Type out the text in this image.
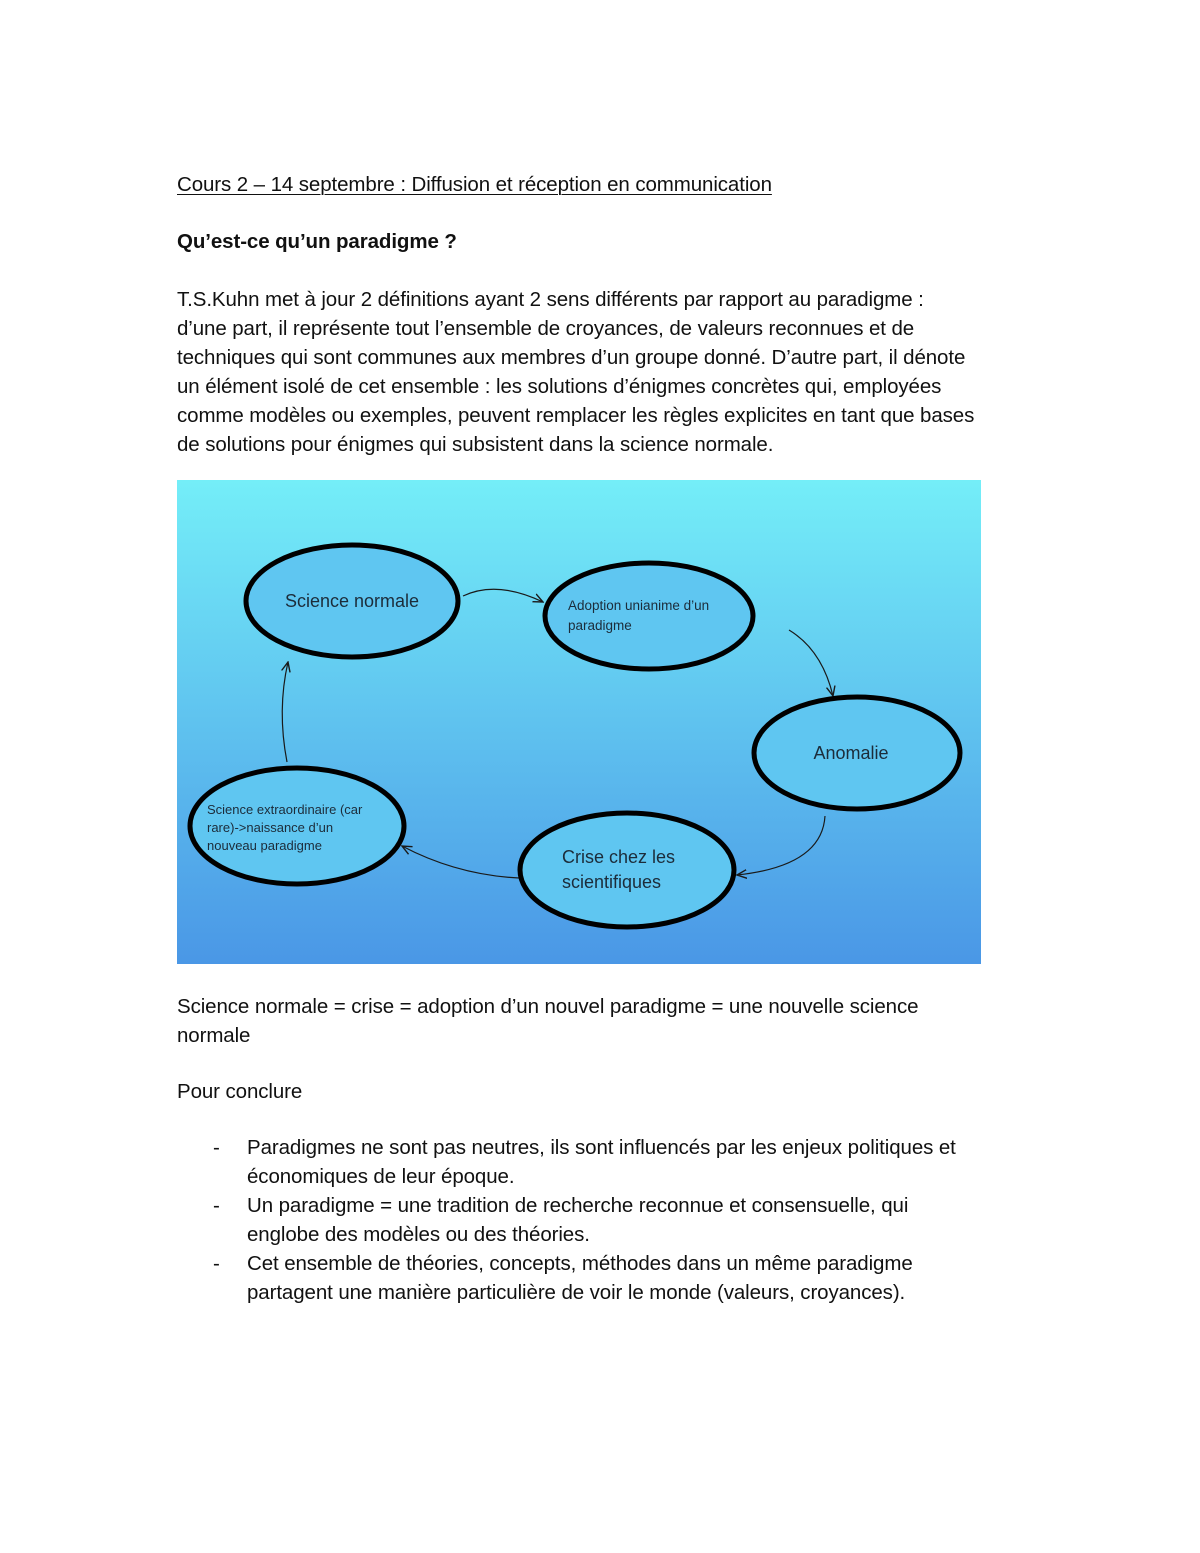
Cours 2 – 14 septembre : Diffusion et réception en communication
Qu’est-ce qu’un paradigme ?
T.S.Kuhn met à jour 2 définitions ayant 2 sens différents par rapport au paradigme :
d’une part, il représente tout l’ensemble de croyances, de valeurs reconnues et de
techniques qui sont communes aux membres d’un groupe donné. D’autre part, il dénote
un élément isolé de cet ensemble : les solutions d’énigmes concrètes qui, employées
comme modèles ou exemples, peuvent remplacer les règles explicites en tant que bases
de solutions pour énigmes qui subsistent dans la science normale.
Science normale	Adoption unianime d’un
paradigme
Anomalie
Crise chez les
scientifiques
Science extraordinaire (car
rare)->naissance d’un
nouveau paradigme
Science normale = crise = adoption d’un nouvel paradigme = une nouvelle science
normale
Pour conclure
- Paradigmes ne sont pas neutres, ils sont influencés par les enjeux politiques et
économiques de leur époque.
- Un paradigme = une tradition de recherche reconnue et consensuelle, qui
englobe des modèles ou des théories.
- Cet ensemble de théories, concepts, méthodes dans un même paradigme
partagent une manière particulière de voir le monde (valeurs, croyances).
